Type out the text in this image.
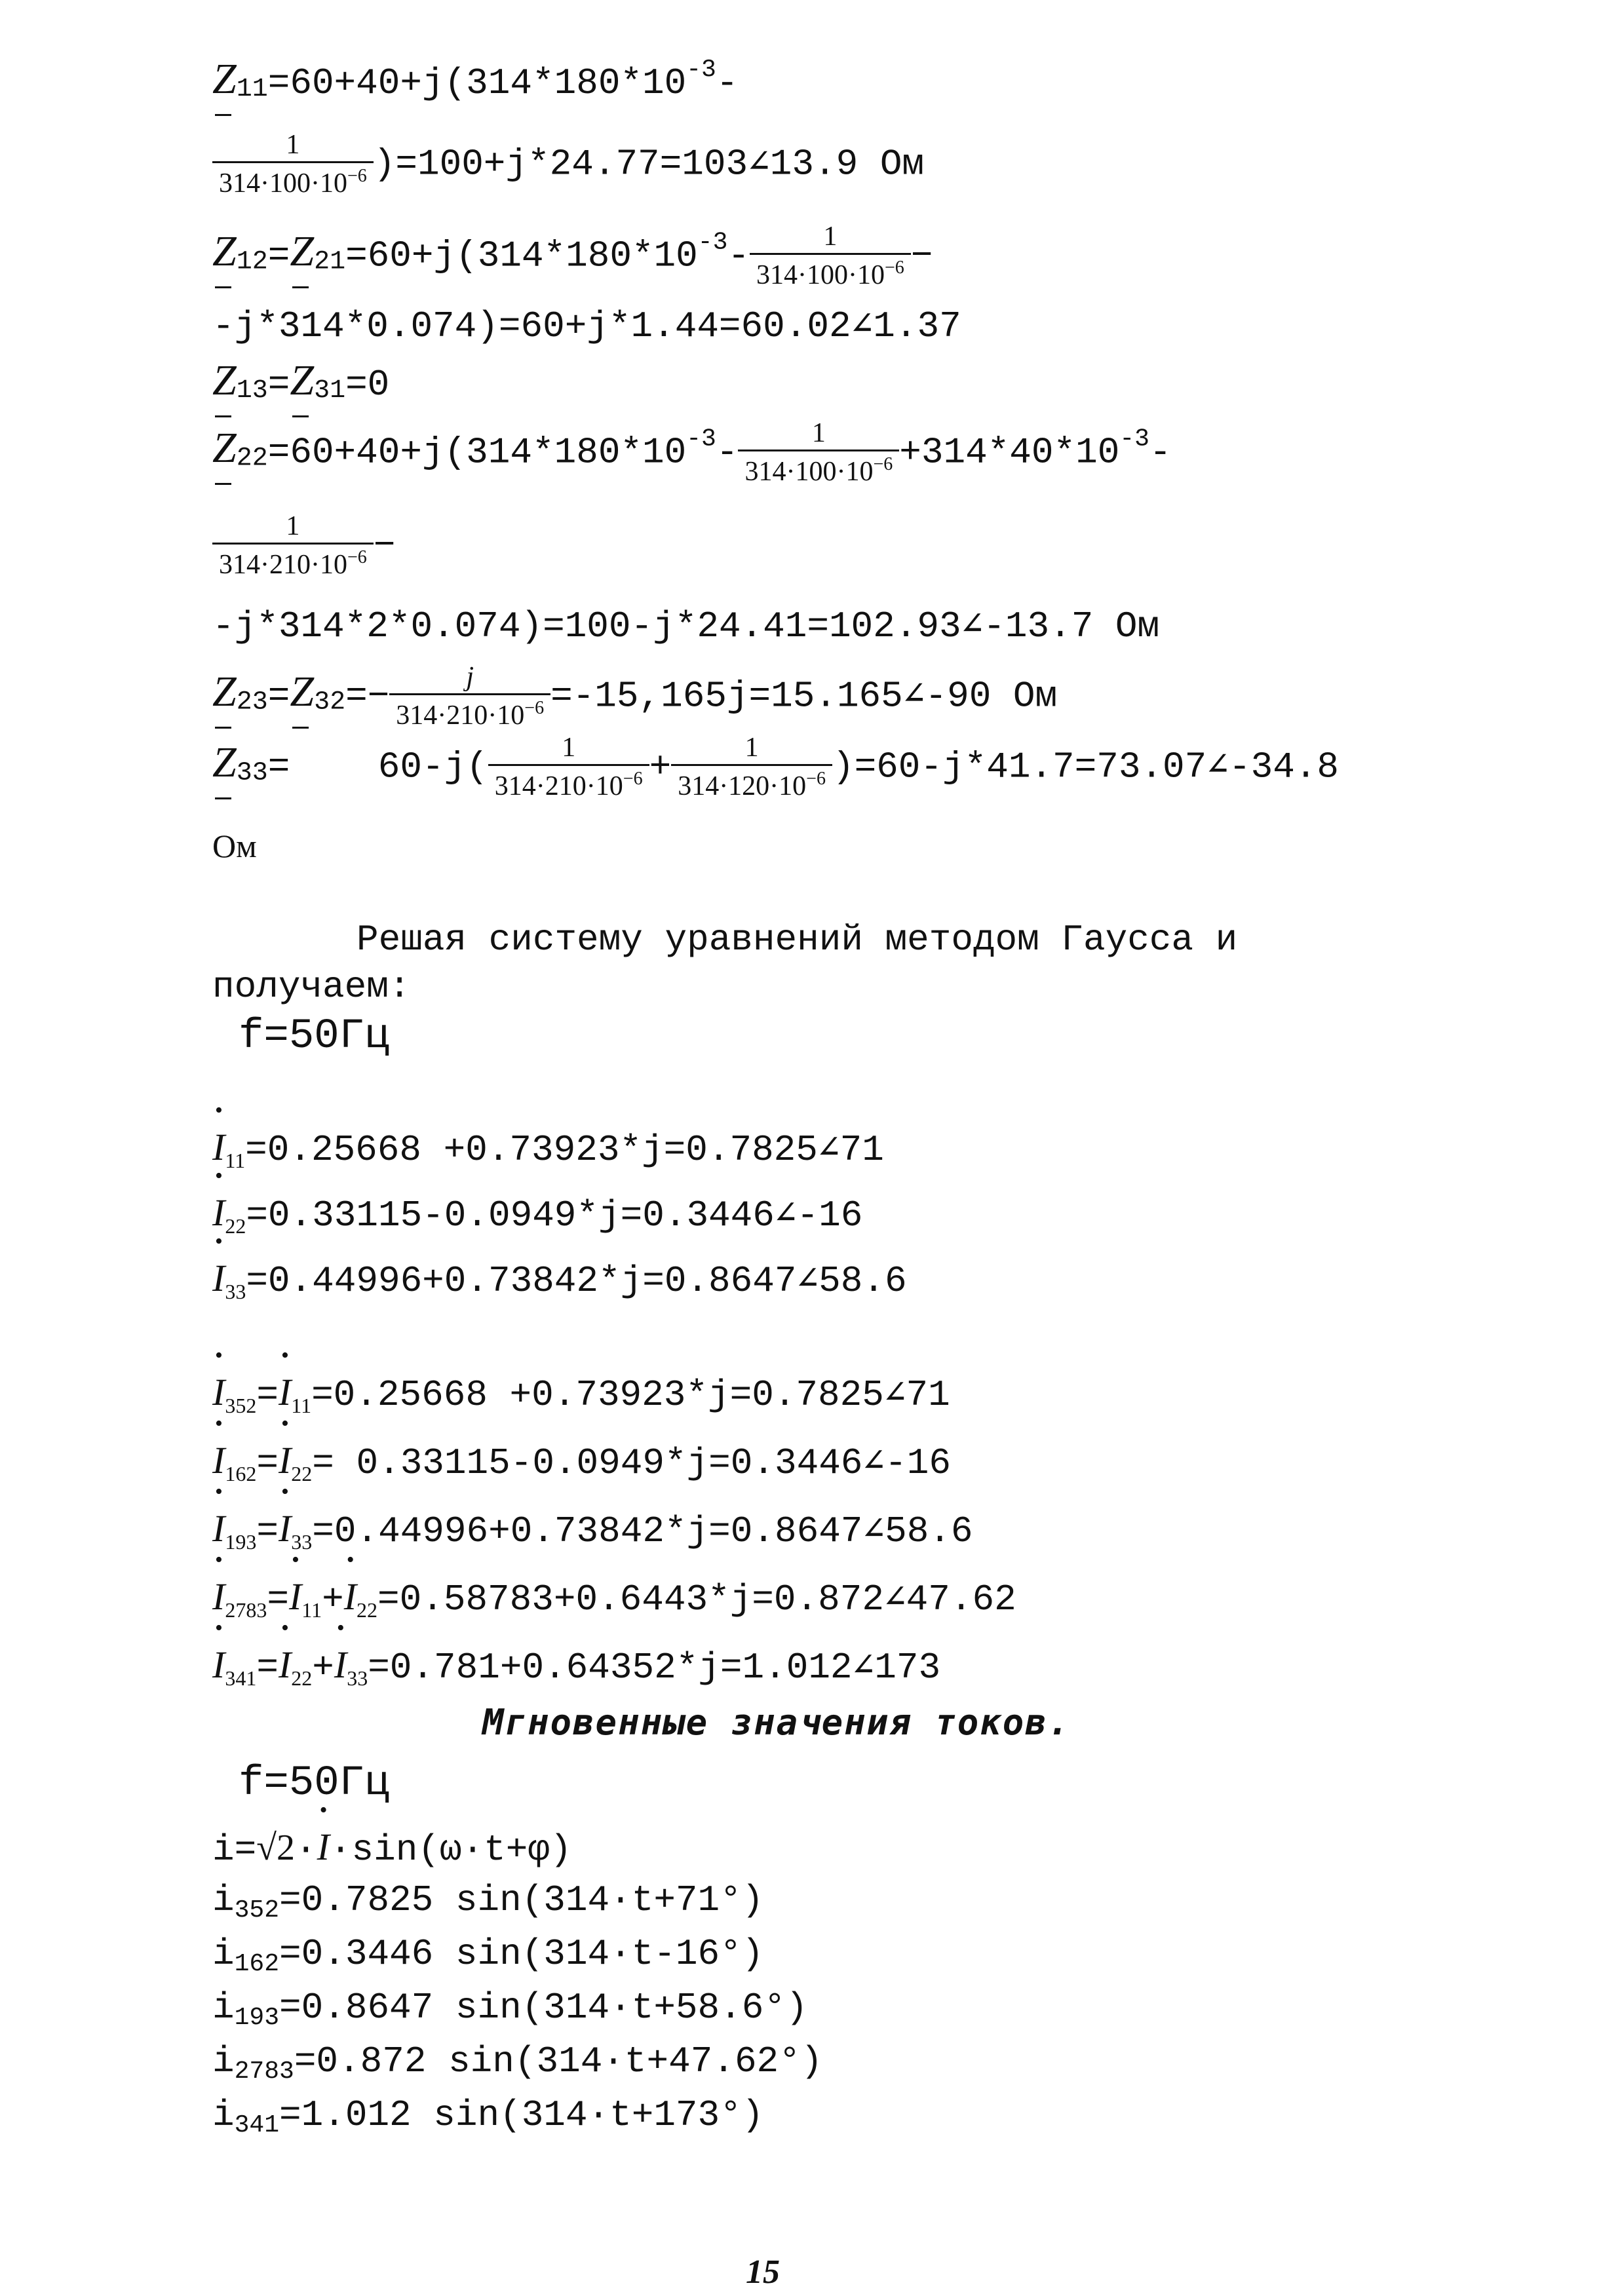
$Z11=60+40+j(314*180*10^{-3}-$
$\frac{1}{314\cdot 100\cdot 10^{-6}}$ )=100+j*24.77=103∠13.9 Ом
$Z12=Z21=60+j(314*180*10^{-3}- \frac{1}{314\cdot 100\cdot 10^{-6}}$ −
-j*314*0.074)=60+j*1.44=60.02∠1.37
Z13=Z31=0
$Z22=60+40+j(314*180*10^{-3}- \frac{1}{314\cdot 100\cdot 10^{-6}} +314*40*10^{-3}-$
$\frac{1}{314\cdot 210\cdot 10^{-6}}$ −
-j*314*2*0.074)=100-j*24.41=102.93∠-13.7 Ом
$Z23=Z32=- \frac{j}{314\cdot 210\cdot 10^{-6}}$ =-15,165j=15.165∠-90 Ом
Z33=    $60-j( \frac{1}{314\cdot 210\cdot 10^{-6}} + \frac{1}{314\cdot 120\cdot 10^{-6}}$ )=60-j*41.7=73.07∠-34.8
Ом
Решая систему уравнений методом Гаусса и
получаем:
f=50Гц
• $I_{11}=0.25668$ +0.73923*j=0.7825∠71
• $I_{22}=0.33115-0.0949*j=0.3446\angle-16$
• $I_{33}=0.44996+0.73842*j=0.8647\angle 58.6$
• $I_{352}=•$ $I_{11}=0.25668$ +0.73923*j=0.7825∠71
• $I_{162}=•$ $I_{22}=$ 0.33115-0.0949*j=0.3446∠-16
• $I_{193}=•$ $I_{33}=0.44996+0.73842*j=0.8647\angle 58.6$
• $I_{2783}=•$ $I_{11}+•$ $I_{22}=0.58783+0.6443*j=0.872\angle 47.62$
• $I_{341}=•$ $I_{22}+•$ $I_{33}=0.781+0.64352*j=1.012\angle 173$
Мгновенные значения токов.
f=50Гц
i=√2·• I·sin(ω·t+φ)
i352=0.7825 sin(314·t+71°)
i162=0.3446 sin(314·t-16°)
i193=0.8647 sin(314·t+58.6°)
i2783=0.872 sin(314·t+47.62°)
i341=1.012 sin(314·t+173°)
15
